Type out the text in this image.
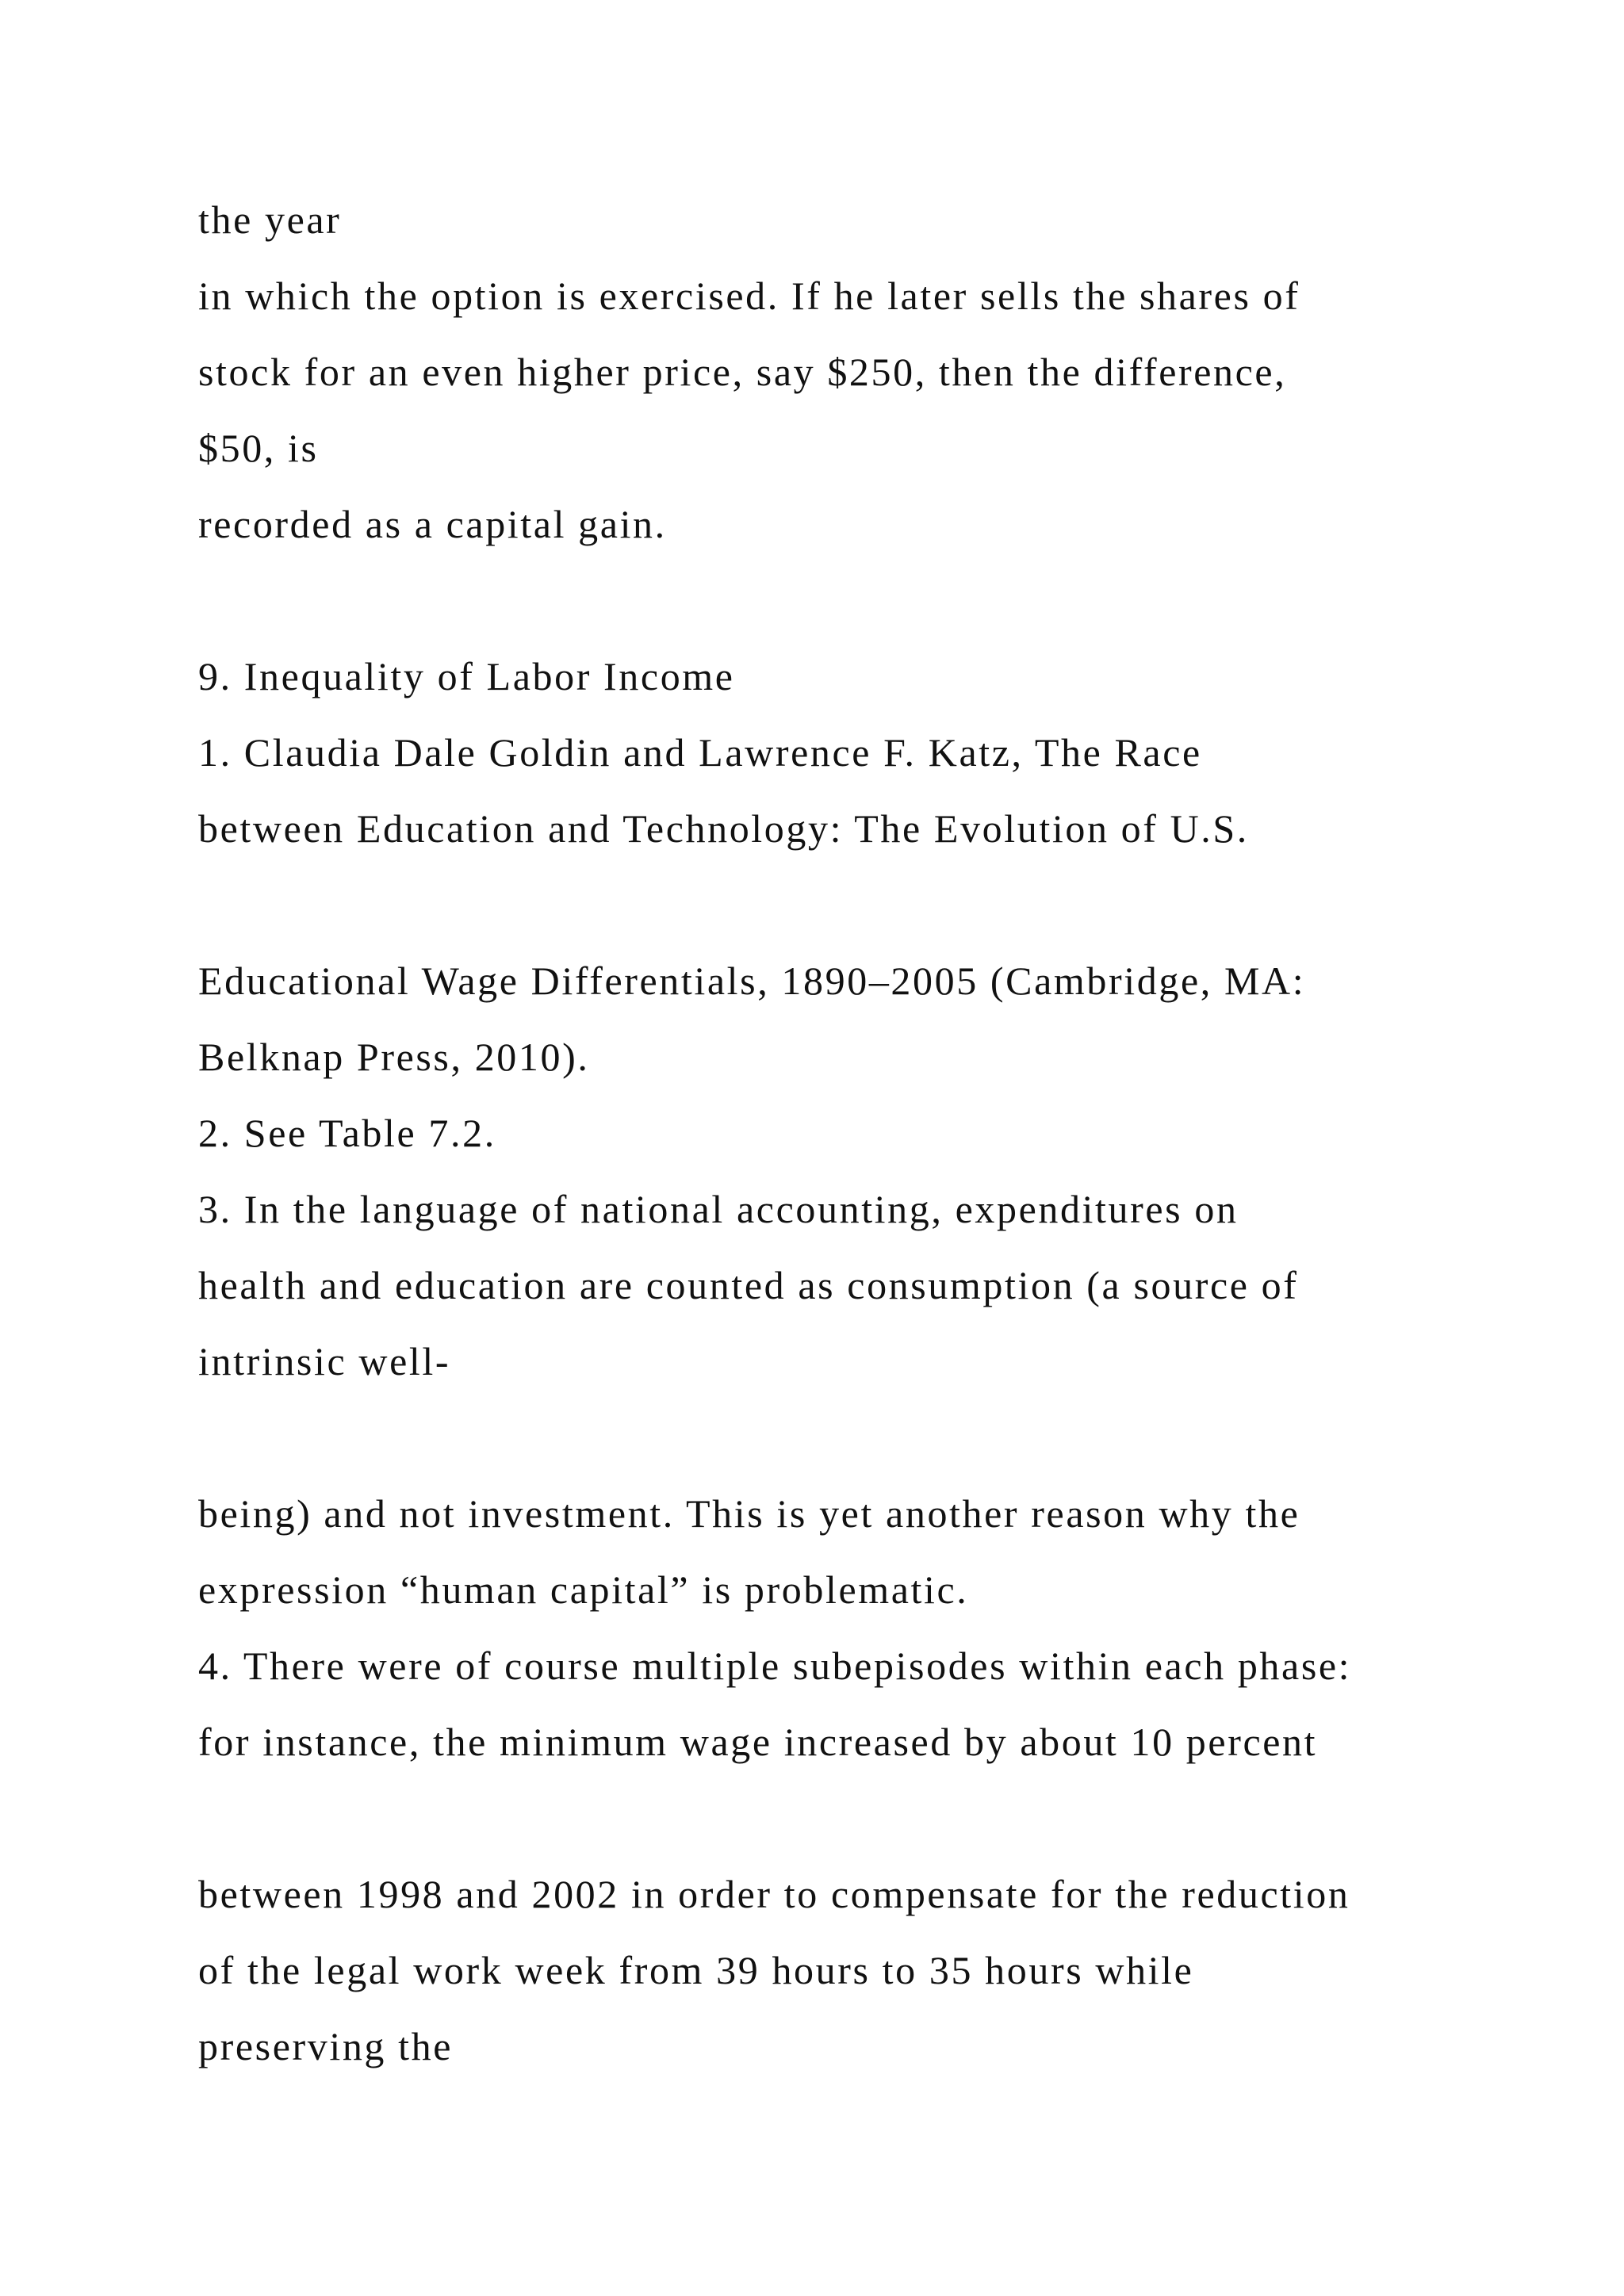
the year
in which the option is exercised. If he later sells the shares of
stock for an even higher price, say $250, then the difference,
$50, is
recorded as a capital gain.
9. Inequality of Labor Income
1. Claudia Dale Goldin and Lawrence F. Katz, The Race
between Education and Technology: The Evolution of U.S.
Educational Wage Differentials, 1890–2005 (Cambridge, MA:
Belknap Press, 2010).
2. See Table 7.2.
3. In the language of national accounting, expenditures on
health and education are counted as consumption (a source of
intrinsic well-
being) and not investment. This is yet another reason why the
expression “human capital” is problematic.
4. There were of course multiple subepisodes within each phase:
for instance, the minimum wage increased by about 10 percent
between 1998 and 2002 in order to compensate for the reduction
of the legal work week from 39 hours to 35 hours while
preserving the
